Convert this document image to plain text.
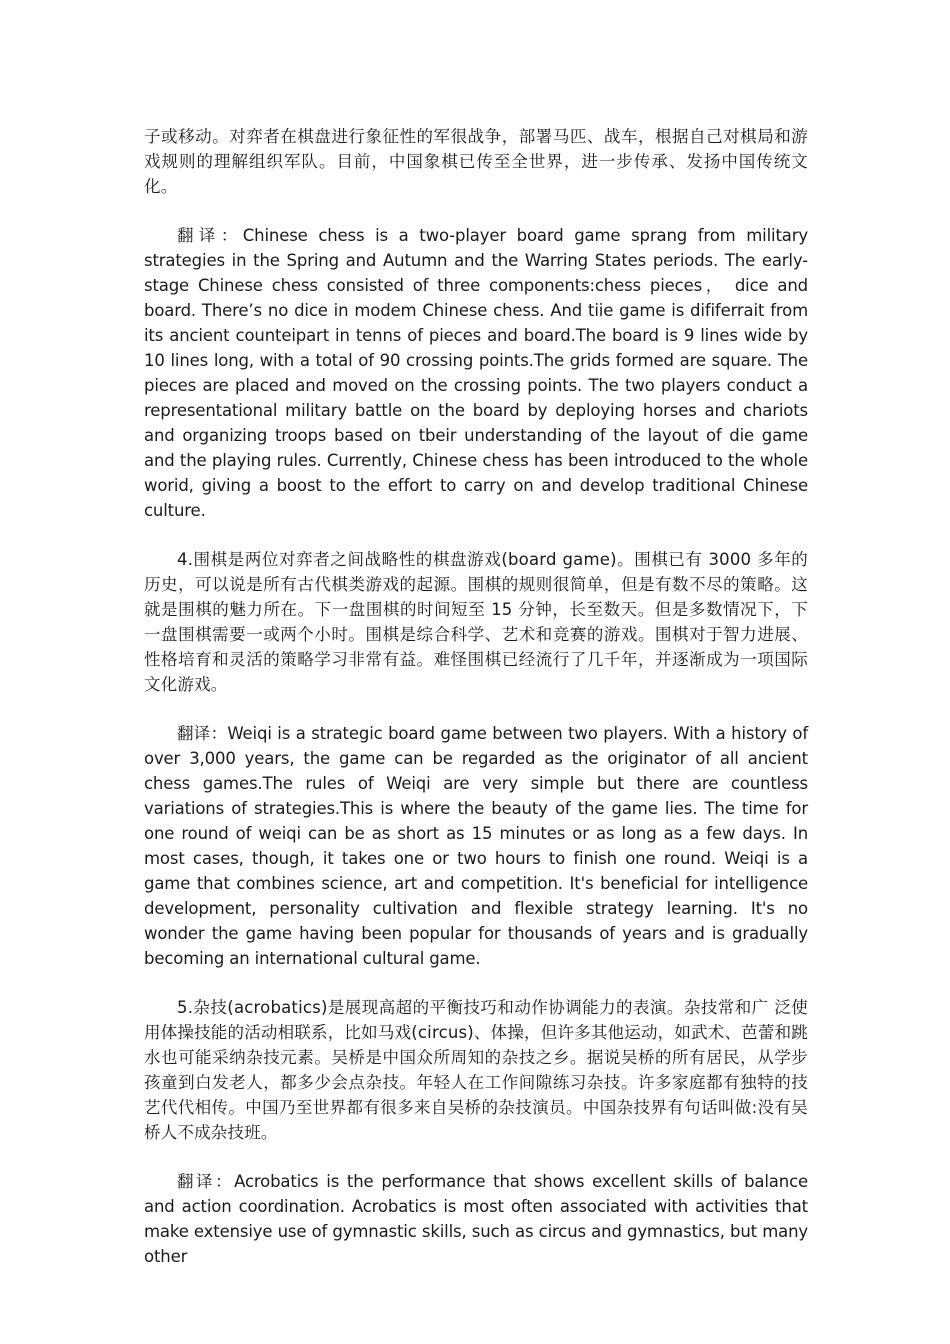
子或移动。对弈者在棋盘进行象征性的军很战争，部署马匹、战车，根据自己对棋局和游戏规则的理解组织军队。目前，中国象棋已传至全世界，进一步传承、发扬中国传统文化。

翻译：Chinese chess is a two-player board game sprang from military strategies in the Spring and Autumn and the Warring States periods. The early-stage Chinese chess consisted of three components:chess pieces， dice and board. There’s no dice in modem Chinese chess. And tiie game is dififerrait from its ancient counteipart in tenns of pieces and board.The board is 9 lines wide by 10 lines long, with a total of 90 crossing points.The grids formed are square. The pieces are placed and moved on the crossing points. The two players conduct a representational military battle on the board by deploying horses and chariots and organizing troops based on tbeir understanding of the layout of die game and the playing rules. Currently, Chinese chess has been introduced to the whole worid, giving a boost to the effort to carry on and develop traditional Chinese culture.

4.围棋是两位对弈者之间战略性的棋盘游戏(board game)。围棋已有 3000 多年的历史，可以说是所有古代棋类游戏的起源。围棋的规则很简单，但是有数不尽的策略。这就是围棋的魅力所在。下一盘围棋的时间短至 15 分钟，长至数天。但是多数情况下，下一盘围棋需要一或两个小时。围棋是综合科学、艺术和竞赛的游戏。围棋对于智力进展、性格培育和灵活的策略学习非常有益。难怪围棋已经流行了几千年，并逐渐成为一项国际文化游戏。

翻译：Weiqi is a strategic board game between two players. With a history of over 3,000 years, the game can be regarded as the originator of all ancient chess games.The rules of Weiqi are very simple but there are countless variations of strategies.This is where the beauty of the game lies. The time for one round of weiqi can be as short as 15 minutes or as long as a few days. In most cases, though, it takes one or two hours to finish one round. Weiqi is a game that combines science, art and competition. It's beneficial for intelligence development, personality cultivation and flexible strategy learning. It's no wonder the game having been popular for thousands of years and is gradually becoming an international cultural game.

5.杂技(acrobatics)是展现高超的平衡技巧和动作协调能力的表演。杂技常和广 泛使用体操技能的活动相联系，比如马戏(circus)、体操，但许多其他运动，如武术、芭蕾和跳水也可能采纳杂技元素。吴桥是中国众所周知的杂技之乡。据说吴桥的所有居民，从学步孩童到白发老人，都多少会点杂技。年轻人在工作间隙练习杂技。许多家庭都有独特的技艺代代相传。中国乃至世界都有很多来自吴桥的杂技演员。中国杂技界有句话叫做:没有吴桥人不成杂技班。

翻译：Acrobatics is the performance that shows excellent skills of balance and action coordination. Acrobatics is most often associated with activities that make extensiye use of gymnastic skills, such as circus and gymnastics, but many other
